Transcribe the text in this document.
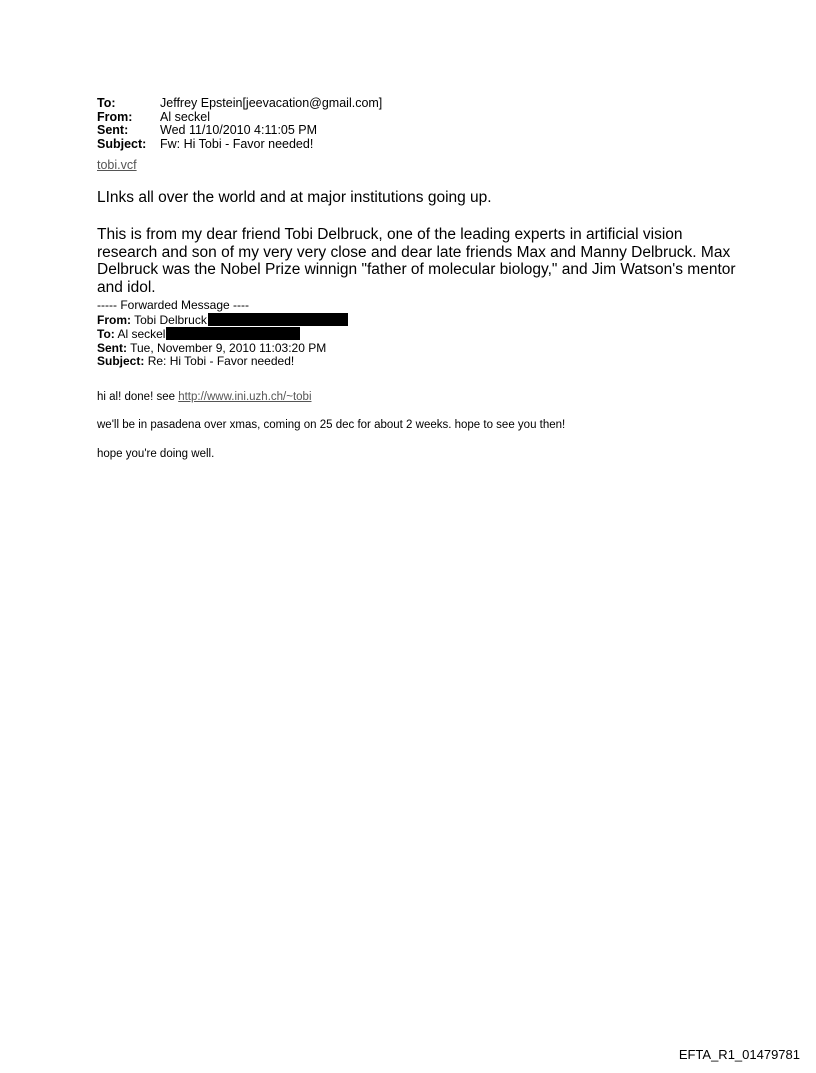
To:	Jeffrey Epstein[jeevacation@gmail.com]
From:	Al seckel
Sent:	Wed 11/10/2010 4:11:05 PM
Subject:	Fw: Hi Tobi - Favor needed!
tobi.vcf

LInks all over the world and at major institutions going up.

This is from my dear friend Tobi Delbruck, one of the leading experts in artificial vision research and son of my very very close and dear late friends Max and Manny Delbruck. Max Delbruck was the Nobel Prize winnign "father of molecular biology," and Jim Watson's mentor and idol.

----- Forwarded Message ----
From: Tobi Delbruck
To: Al seckel
Sent: Tue, November 9, 2010 11:03:20 PM
Subject: Re: Hi Tobi - Favor needed!

hi al! done! see http://www.ini.uzh.ch/~tobi

we'll be in pasadena over xmas, coming on 25 dec for about 2 weeks. hope to see you then!

hope you're doing well.

EFTA_R1_01479781
